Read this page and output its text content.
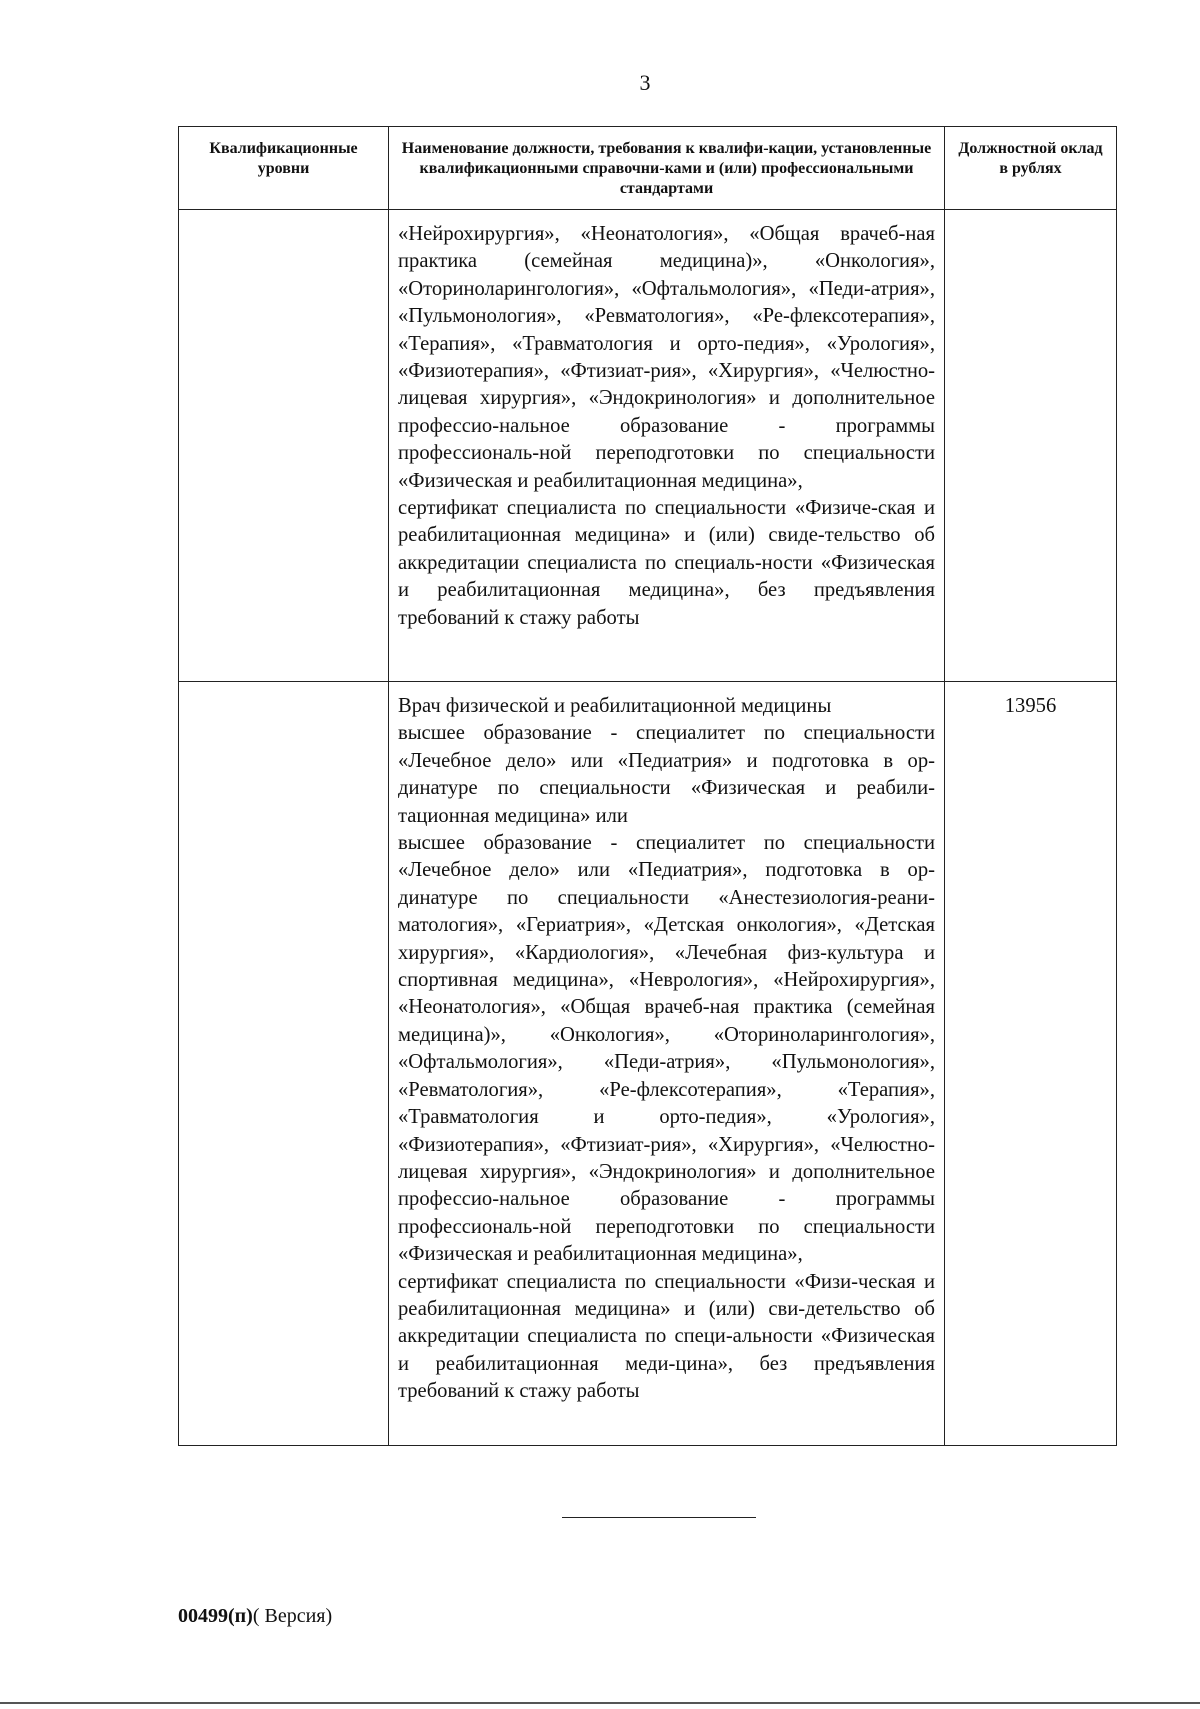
3
Квалификационные уровни	Наименование должности, требования к квалифи-кации, установленные квалификационными справочни-ками и (или) профессиональными стандартами	Должностной оклад в рублях

	«Нейрохирургия», «Неонатология», «Общая врачеб-ная практика (семейная медицина)», «Онкология», «Оториноларингология», «Офтальмология», «Педи-атрия», «Пульмонология», «Ревматология», «Ре-флексотерапия», «Терапия», «Травматология и орто-педия», «Урология», «Физиотерапия», «Фтизиат-рия», «Хирургия», «Челюстно-лицевая хирургия», «Эндокринология» и дополнительное профессио-нальное образование - программы профессиональ-ной переподготовки по специальности «Физическая и реабилитационная медицина»,
сертификат специалиста по специальности «Физиче-ская и реабилитационная медицина» и (или) свиде-тельство об аккредитации специалиста по специаль-ности «Физическая и реабилитационная медицина», без предъявления требований к стажу работы	

	Врач физической и реабилитационной медицины
высшее образование - специалитет по специальности «Лечебное дело» или «Педиатрия» и подготовка в ор-динатуре по специальности «Физическая и реабили-тационная медицина» или
высшее образование - специалитет по специальности «Лечебное дело» или «Педиатрия», подготовка в ор-динатуре по специальности «Анестезиология-реани-матология», «Гериатрия», «Детская онкология», «Детская хирургия», «Кардиология», «Лечебная физ-культура и спортивная медицина», «Неврология», «Нейрохирургия», «Неонатология», «Общая врачеб-ная практика (семейная медицина)», «Онкология», «Оториноларингология», «Офтальмология», «Педи-атрия», «Пульмонология», «Ревматология», «Ре-флексотерапия», «Терапия», «Травматология и орто-педия», «Урология», «Физиотерапия», «Фтизиат-рия», «Хирургия», «Челюстно-лицевая хирургия», «Эндокринология» и дополнительное профессио-нальное образование - программы профессиональ-ной переподготовки по специальности «Физическая и реабилитационная медицина»,
сертификат специалиста по специальности «Физи-ческая и реабилитационная медицина» и (или) сви-детельство об аккредитации специалиста по специ-альности «Физическая и реабилитационная меди-цина», без предъявления требований к стажу работы	13956
00499(п)( Версия)
